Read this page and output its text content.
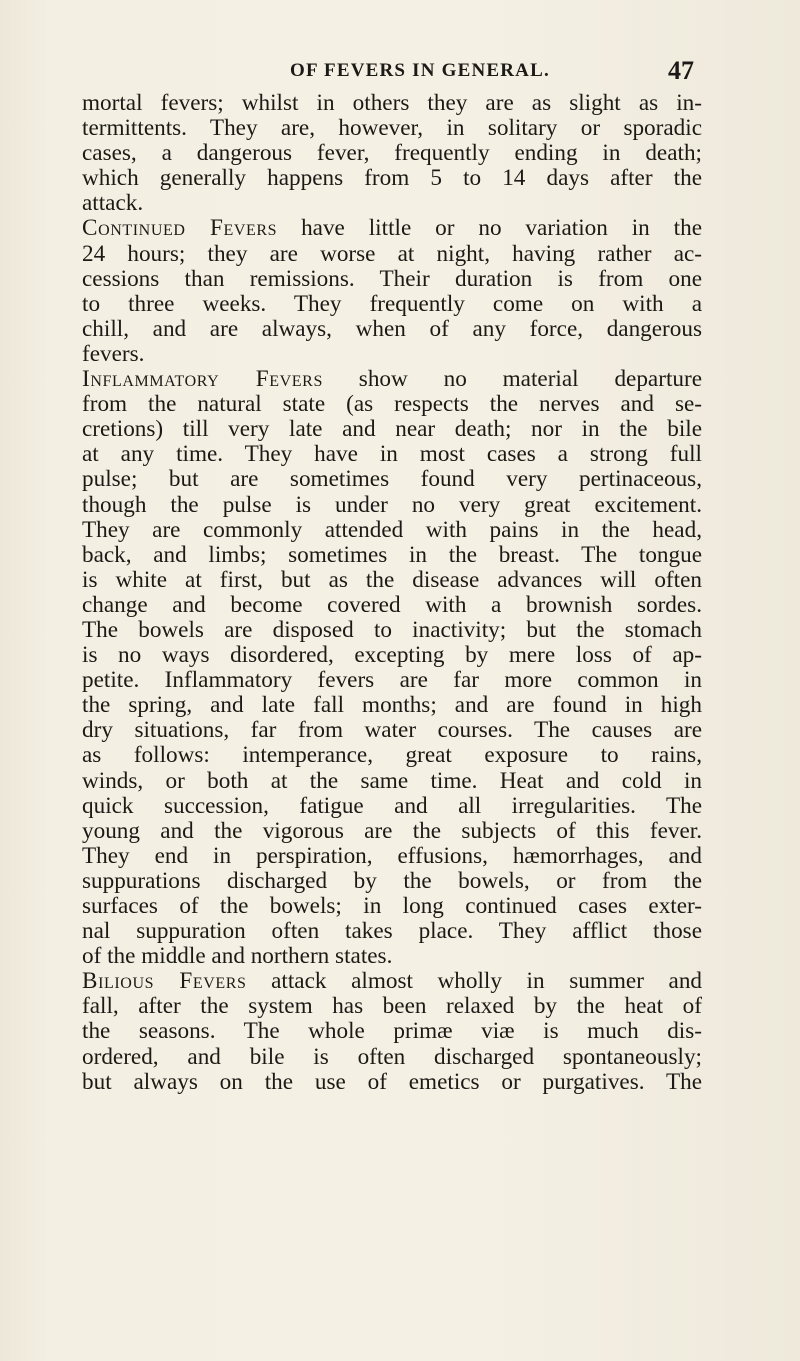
OF FEVERS IN GENERAL.	47
mortal fevers; whilst in others they are as slight as in-
termittents. They are, however, in solitary or sporadic
cases, a dangerous fever, frequently ending in death;
which generally happens from 5 to 14 days after the
attack.
Continued Fevers have little or no variation in the
24 hours; they are worse at night, having rather ac-
cessions than remissions. Their duration is from one
to three weeks. They frequently come on with a
chill, and are always, when of any force, dangerous
fevers.
Inflammatory Fevers show no material departure
from the natural state (as respects the nerves and se-
cretions) till very late and near death; nor in the bile
at any time. They have in most cases a strong full
pulse; but are sometimes found very pertinaceous,
though the pulse is under no very great excitement.
They are commonly attended with pains in the head,
back, and limbs; sometimes in the breast. The tongue
is white at first, but as the disease advances will often
change and become covered with a brownish sordes.
The bowels are disposed to inactivity; but the stomach
is no ways disordered, excepting by mere loss of ap-
petite. Inflammatory fevers are far more common in
the spring, and late fall months; and are found in high
dry situations, far from water courses. The causes are
as follows: intemperance, great exposure to rains,
winds, or both at the same time. Heat and cold in
quick succession, fatigue and all irregularities. The
young and the vigorous are the subjects of this fever.
They end in perspiration, effusions, hæmorrhages, and
suppurations discharged by the bowels, or from the
surfaces of the bowels; in long continued cases exter-
nal suppuration often takes place. They afflict those
of the middle and northern states.
Bilious Fevers attack almost wholly in summer and
fall, after the system has been relaxed by the heat of
the seasons. The whole primæ viæ is much dis-
ordered, and bile is often discharged spontaneously;
but always on the use of emetics or purgatives. The
